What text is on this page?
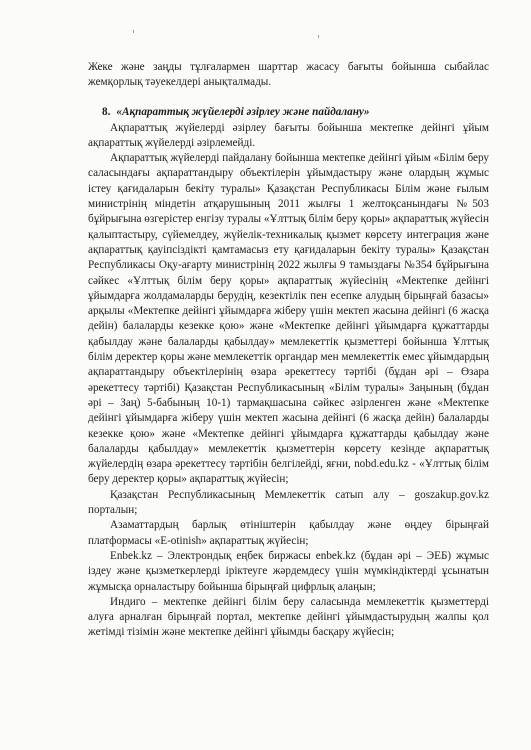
Жеке және заңды тұлғалармен шарттар жасасу бағыты бойынша сыбайлас жемқорлық тәуекелдері анықталмады.

8. «Ақпараттық жүйелерді әзірлеу және пайдалану»

Ақпараттық жүйелерді әзірлеу бағыты бойынша мектепке дейінгі ұйым ақпараттық жүйелерді әзірлемейді.

Ақпараттық жүйелерді пайдалану бойынша мектепке дейінгі ұйым «Білім беру саласындағы ақпараттандыру объектілерін ұйымдастыру және олардың жұмыс істеу қағидаларын бекіту туралы» Қазақстан Республикасы Білім және ғылым министрінің міндетін атқарушының 2011 жылғы 1 желтоқсанындағы №503 бұйрығына өзгерістер енгізу туралы «Ұлттық білім беру қоры» ақпараттық жүйесін қалыптастыру, сүйемелдеу, жүйелік-техникалық қызмет көрсету интеграция және ақпараттық қауіпсіздікті қамтамасыз ету қағидаларын бекіту туралы» Қазақстан Республикасы Оқу-ағарту министрінің 2022 жылғы 9 тамыздағы №354 бұйрығына сәйкес «Ұлттық білім беру қоры» ақпараттық жүйесінің «Мектепке дейінгі ұйымдарға жолдамаларды берудің, кезектілік пен есепке алудың бірыңғай базасы» арқылы «Мектепке дейінгі ұйымдарға жіберу үшін мектеп жасына дейінгі (6 жасқа дейін) балаларды кезекке қою» және «Мектепке дейінгі ұйымдарға құжаттарды қабылдау және балаларды қабылдау» мемлекеттік қызметтері бойынша Ұлттық білім деректер қоры және мемлекеттік органдар мен мемлекеттік емес ұйымдардың ақпараттандыру объектілерінің өзара әрекеттесу тәртібі (бұдан әрі – Өзара әрекеттесу тәртібі) Қазақстан Республикасының «Білім туралы» Заңының (бұдан әрі – Заң) 5-бабының 10-1) тармақшасына сәйкес әзірленген және «Мектепке дейінгі ұйымдарға жіберу үшін мектеп жасына дейінгі (6 жасқа дейін) балаларды кезекке қою» және «Мектепке дейінгі ұйымдарға құжаттарды қабылдау және балаларды қабылдау» мемлекеттік қызметтерін көрсету кезінде ақпараттық жүйелердің өзара әрекеттесу тәртібін белгілейді, яғни, nobd.edu.kz - «Ұлттық білім беру деректер қоры» ақпараттық жүйесін;

Қазақстан Республикасының Мемлекеттік сатып алу – goszakup.gov.kz порталын;

Азаматтардың барлық өтініштерін қабылдау және өңдеу бірыңғай платформасы «E-otinish» ақпараттық жүйесін;

Enbek.kz – Электрондық еңбек биржасы enbek.kz (бұдан әрі – ЭЕБ) жұмыс іздеу және қызметкерлерді іріктеуге жәрдемдесу үшін мүмкіндіктерді ұсынатын жұмысқа орналастыру бойынша бірыңғай цифрлық алаңын;

Индиго – мектепке дейінгі білім беру саласында мемлекеттік қызметтерді алуға арналған бірыңғай портал, мектепке дейінгі ұйымдастырудың жалпы қол жетімді тізімін және мектепке дейінгі ұйымды басқару жүйесін;
